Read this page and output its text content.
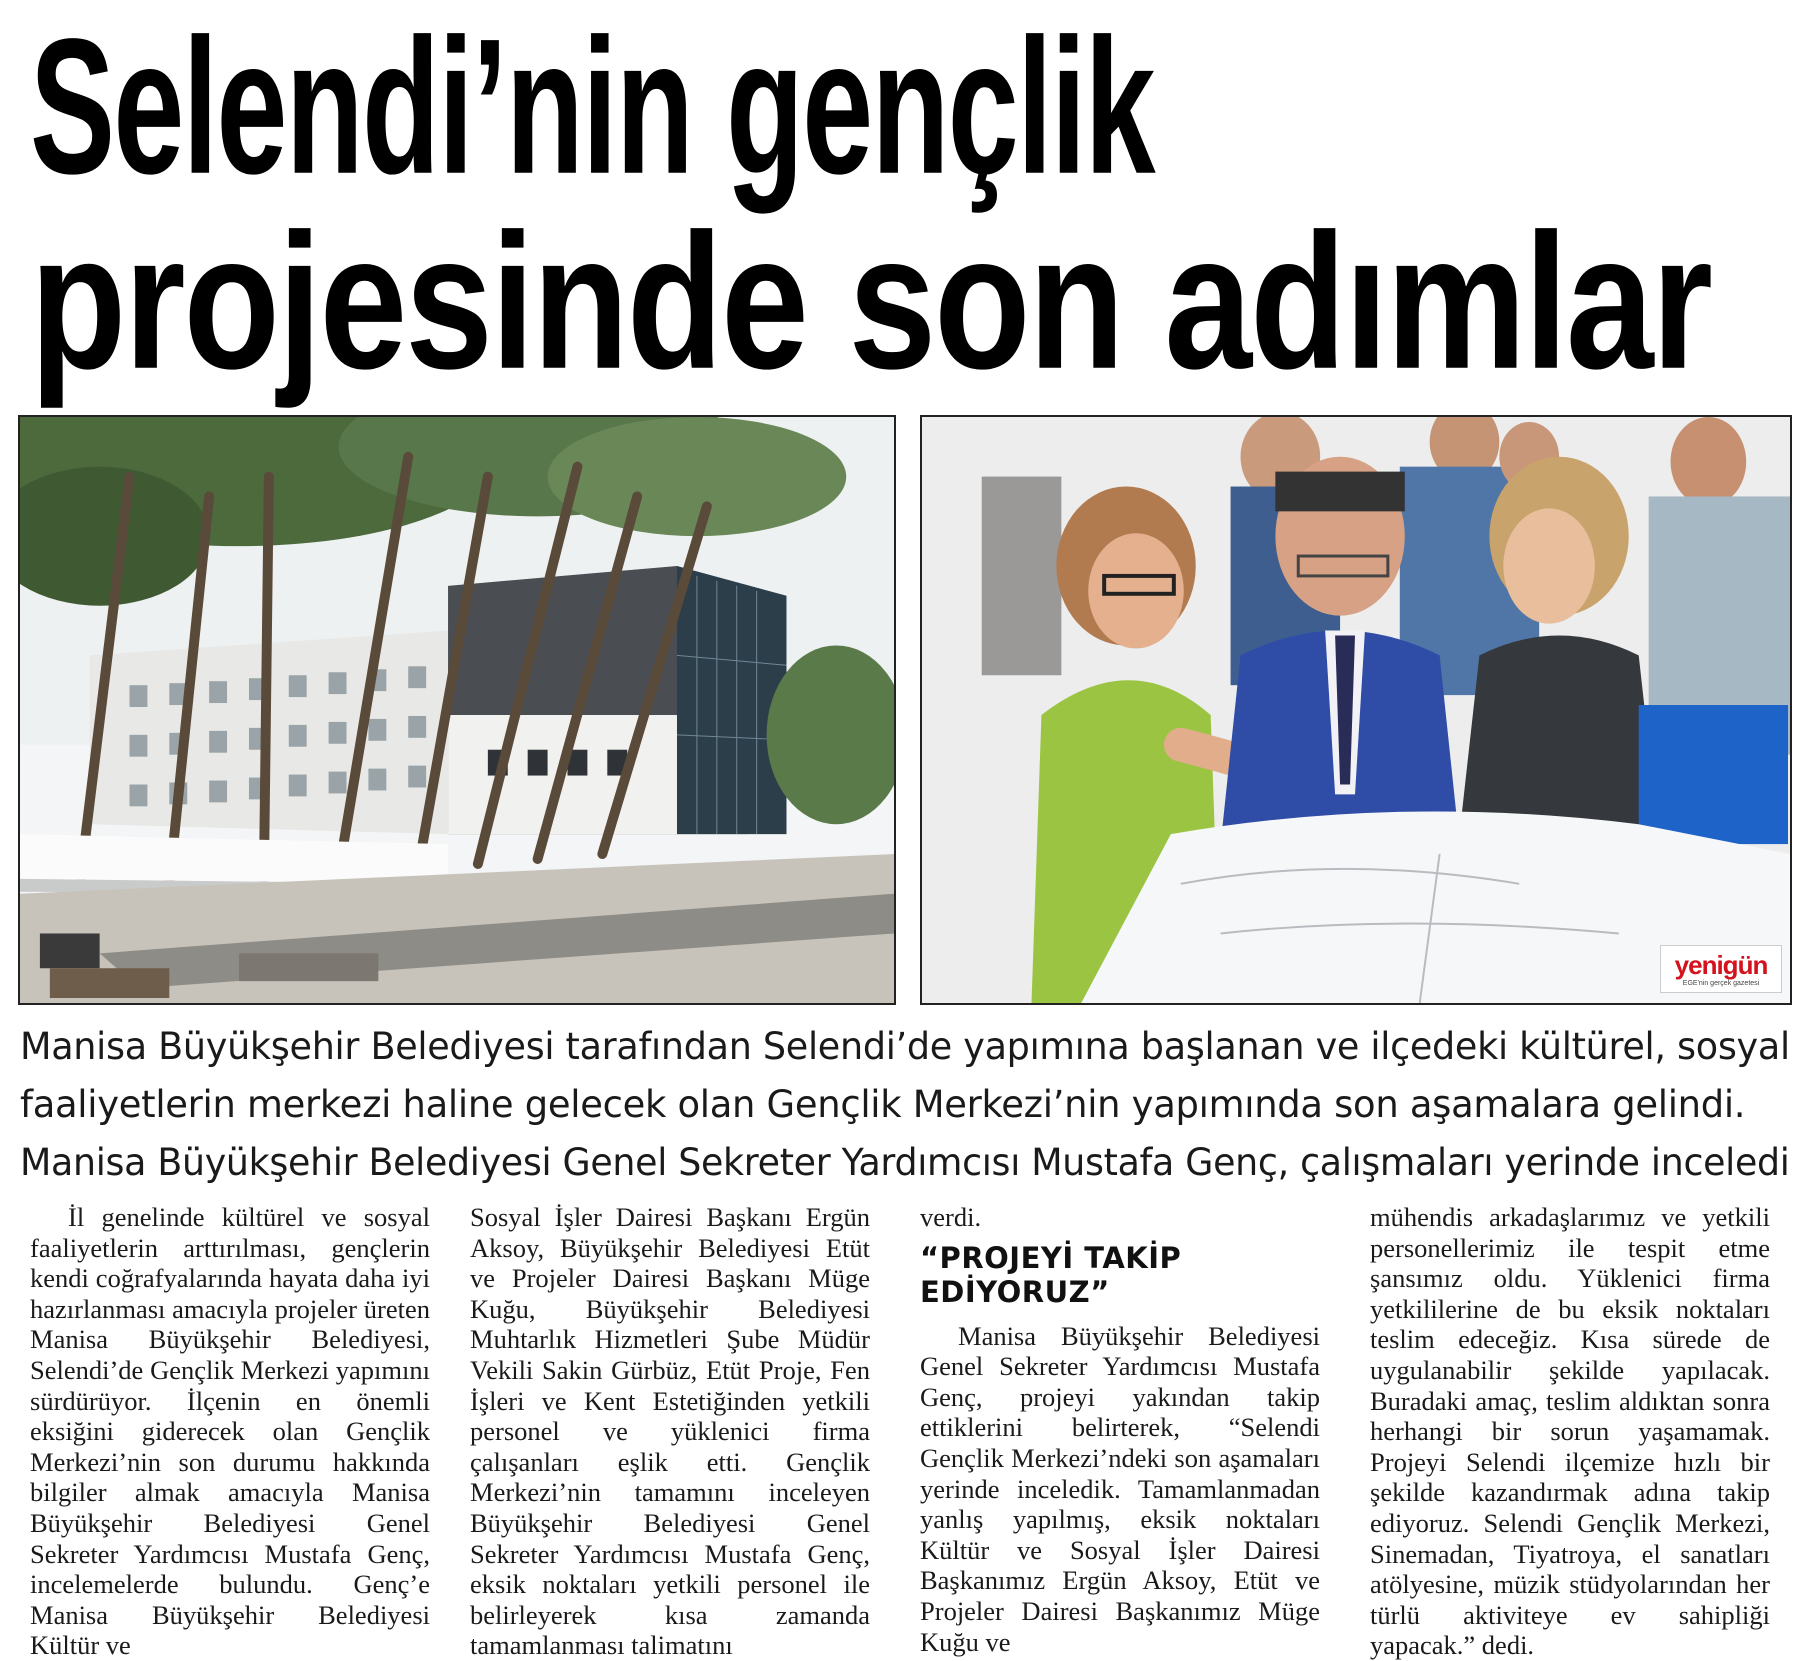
Selendi’nin gençlik
projesinde son adımlar
yenigün
EGE'nin gerçek gazetesi
Manisa Büyükşehir Belediyesi tarafından Selendi’de yapımına başlanan ve ilçedeki kültürel, sosyal
faaliyetlerin merkezi haline gelecek olan Gençlik Merkezi’nin yapımında son aşamalara gelindi.
Manisa Büyükşehir Belediyesi Genel Sekreter Yardımcısı Mustafa Genç, çalışmaları yerinde inceledi

İl genelinde kültürel ve sosyal faaliyetlerin arttırılması, gençlerin kendi coğrafyalarında hayata daha iyi hazırlanması amacıyla projeler üreten Manisa Büyükşehir Belediyesi, Selendi’de Gençlik Merkezi yapımını sürdürüyor. İlçenin en önemli eksiğini giderecek olan Gençlik Merkezi’nin son durumu hakkında bilgiler almak amacıyla Manisa Büyükşehir Belediyesi Genel Sekreter Yardımcısı Mustafa Genç, incelemelerde bulundu. Genç’e Manisa Büyükşehir Belediyesi Kültür ve

Sosyal İşler Dairesi Başkanı Ergün Aksoy, Büyükşehir Belediyesi Etüt ve Projeler Dairesi Başkanı Müge Kuğu, Büyükşehir Belediyesi Muhtarlık Hizmetleri Şube Müdür Vekili Sakin Gürbüz, Etüt Proje, Fen İşleri ve Kent Estetiğinden yetkili personel ve yüklenici firma çalışanları eşlik etti. Gençlik Merkezi’nin tamamını inceleyen Büyükşehir Belediyesi Genel Sekreter Yardımcısı Mustafa Genç, eksik noktaları yetkili personel ile belirleyerek kısa zamanda tamamlanması talimatını

verdi.

“PROJEYİ TAKİP EDİYORUZ”

Manisa Büyükşehir Belediyesi Genel Sekreter Yardımcısı Mustafa Genç, projeyi yakından takip ettiklerini belirterek, “Selendi Gençlik Merkezi’ndeki son aşamaları yerinde inceledik. Tamamlanmadan yanlış yapılmış, eksik noktaları Kültür ve Sosyal İşler Dairesi Başkanımız Ergün Aksoy, Etüt ve Projeler Dairesi Başkanımız Müge Kuğu ve

mühendis arkadaşlarımız ve yetkili personellerimiz ile tespit etme şansımız oldu. Yüklenici firma yetkililerine de bu eksik noktaları teslim edeceğiz. Kısa sürede de uygulanabilir şekilde yapılacak. Buradaki amaç, teslim aldıktan sonra herhangi bir sorun yaşamamak. Projeyi Selendi ilçemize hızlı bir şekilde kazandırmak adına takip ediyoruz. Selendi Gençlik Merkezi, Sinemadan, Tiyatroya, el sanatları atölyesine, müzik stüdyolarından her türlü aktiviteye ev sahipliği yapacak.” dedi.
